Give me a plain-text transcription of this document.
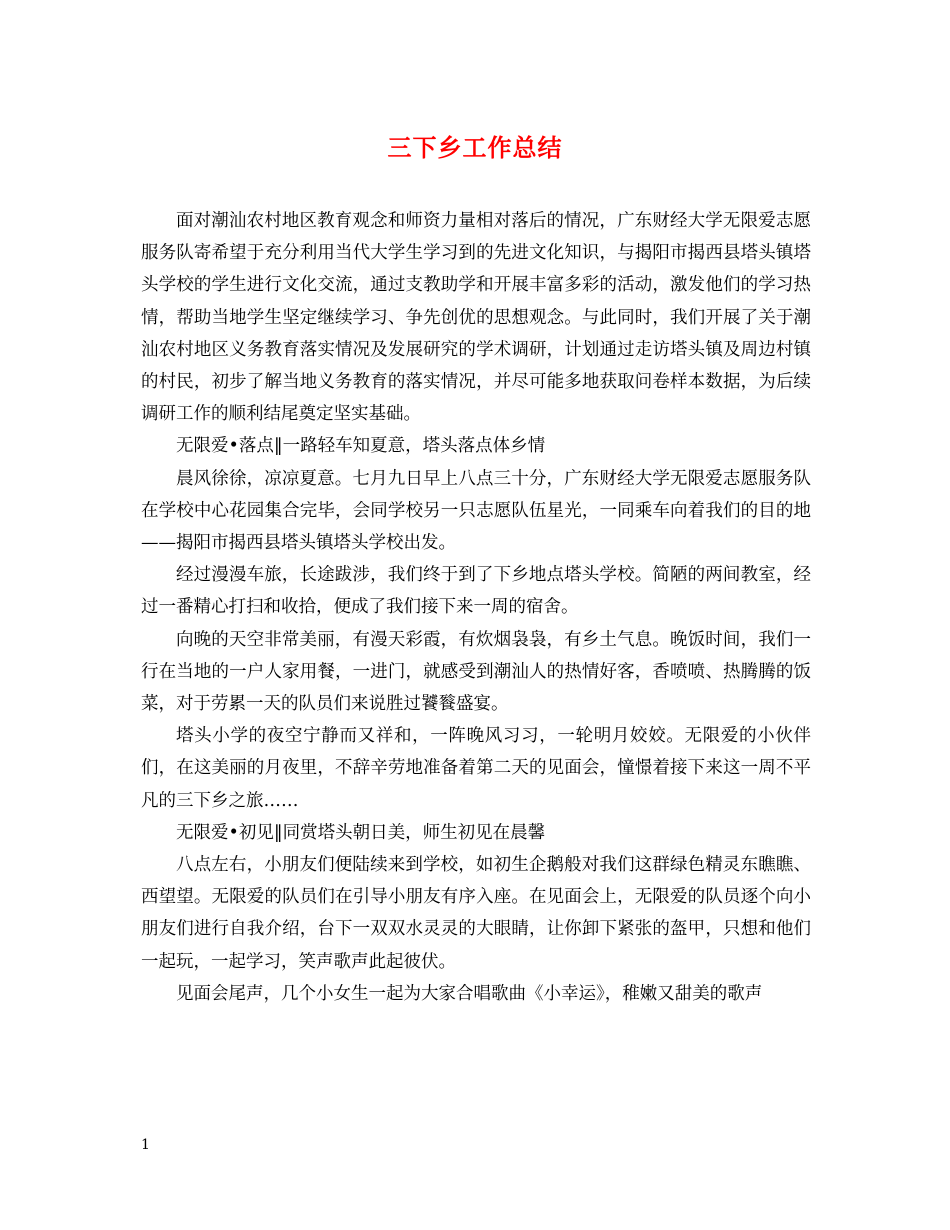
三下乡工作总结

面对潮汕农村地区教育观念和师资力量相对落后的情况，广东财经大学无限爱志愿服务队寄希望于充分利用当代大学生学习到的先进文化知识，与揭阳市揭西县塔头镇塔头学校的学生进行文化交流，通过支教助学和开展丰富多彩的活动，激发他们的学习热情，帮助当地学生坚定继续学习、争先创优的思想观念。与此同时，我们开展了关于潮汕农村地区义务教育落实情况及发展研究的学术调研，计划通过走访塔头镇及周边村镇的村民，初步了解当地义务教育的落实情况，并尽可能多地获取问卷样本数据，为后续调研工作的顺利结尾奠定坚实基础。

无限爱•落点‖一路轻车知夏意，塔头落点体乡情

晨风徐徐，凉凉夏意。七月九日早上八点三十分，广东财经大学无限爱志愿服务队在学校中心花园集合完毕，会同学校另一只志愿队伍星光，一同乘车向着我们的目的地——揭阳市揭西县塔头镇塔头学校出发。

经过漫漫车旅，长途跋涉，我们终于到了下乡地点塔头学校。简陋的两间教室，经过一番精心打扫和收拾，便成了我们接下来一周的宿舍。

向晚的天空非常美丽，有漫天彩霞，有炊烟袅袅，有乡土气息。晚饭时间，我们一行在当地的一户人家用餐，一进门，就感受到潮汕人的热情好客，香喷喷、热腾腾的饭菜，对于劳累一天的队员们来说胜过饕餮盛宴。

塔头小学的夜空宁静而又祥和，一阵晚风习习，一轮明月姣姣。无限爱的小伙伴们，在这美丽的月夜里，不辞辛劳地准备着第二天的见面会，憧憬着接下来这一周不平凡的三下乡之旅……

无限爱•初见‖同赏塔头朝日美，师生初见在晨馨

八点左右，小朋友们便陆续来到学校，如初生企鹅般对我们这群绿色精灵东瞧瞧、西望望。无限爱的队员们在引导小朋友有序入座。在见面会上，无限爱的队员逐个向小朋友们进行自我介绍，台下一双双水灵灵的大眼睛，让你卸下紧张的盔甲，只想和他们一起玩，一起学习，笑声歌声此起彼伏。

见面会尾声，几个小女生一起为大家合唱歌曲《小幸运》，稚嫩又甜美的歌声

1
